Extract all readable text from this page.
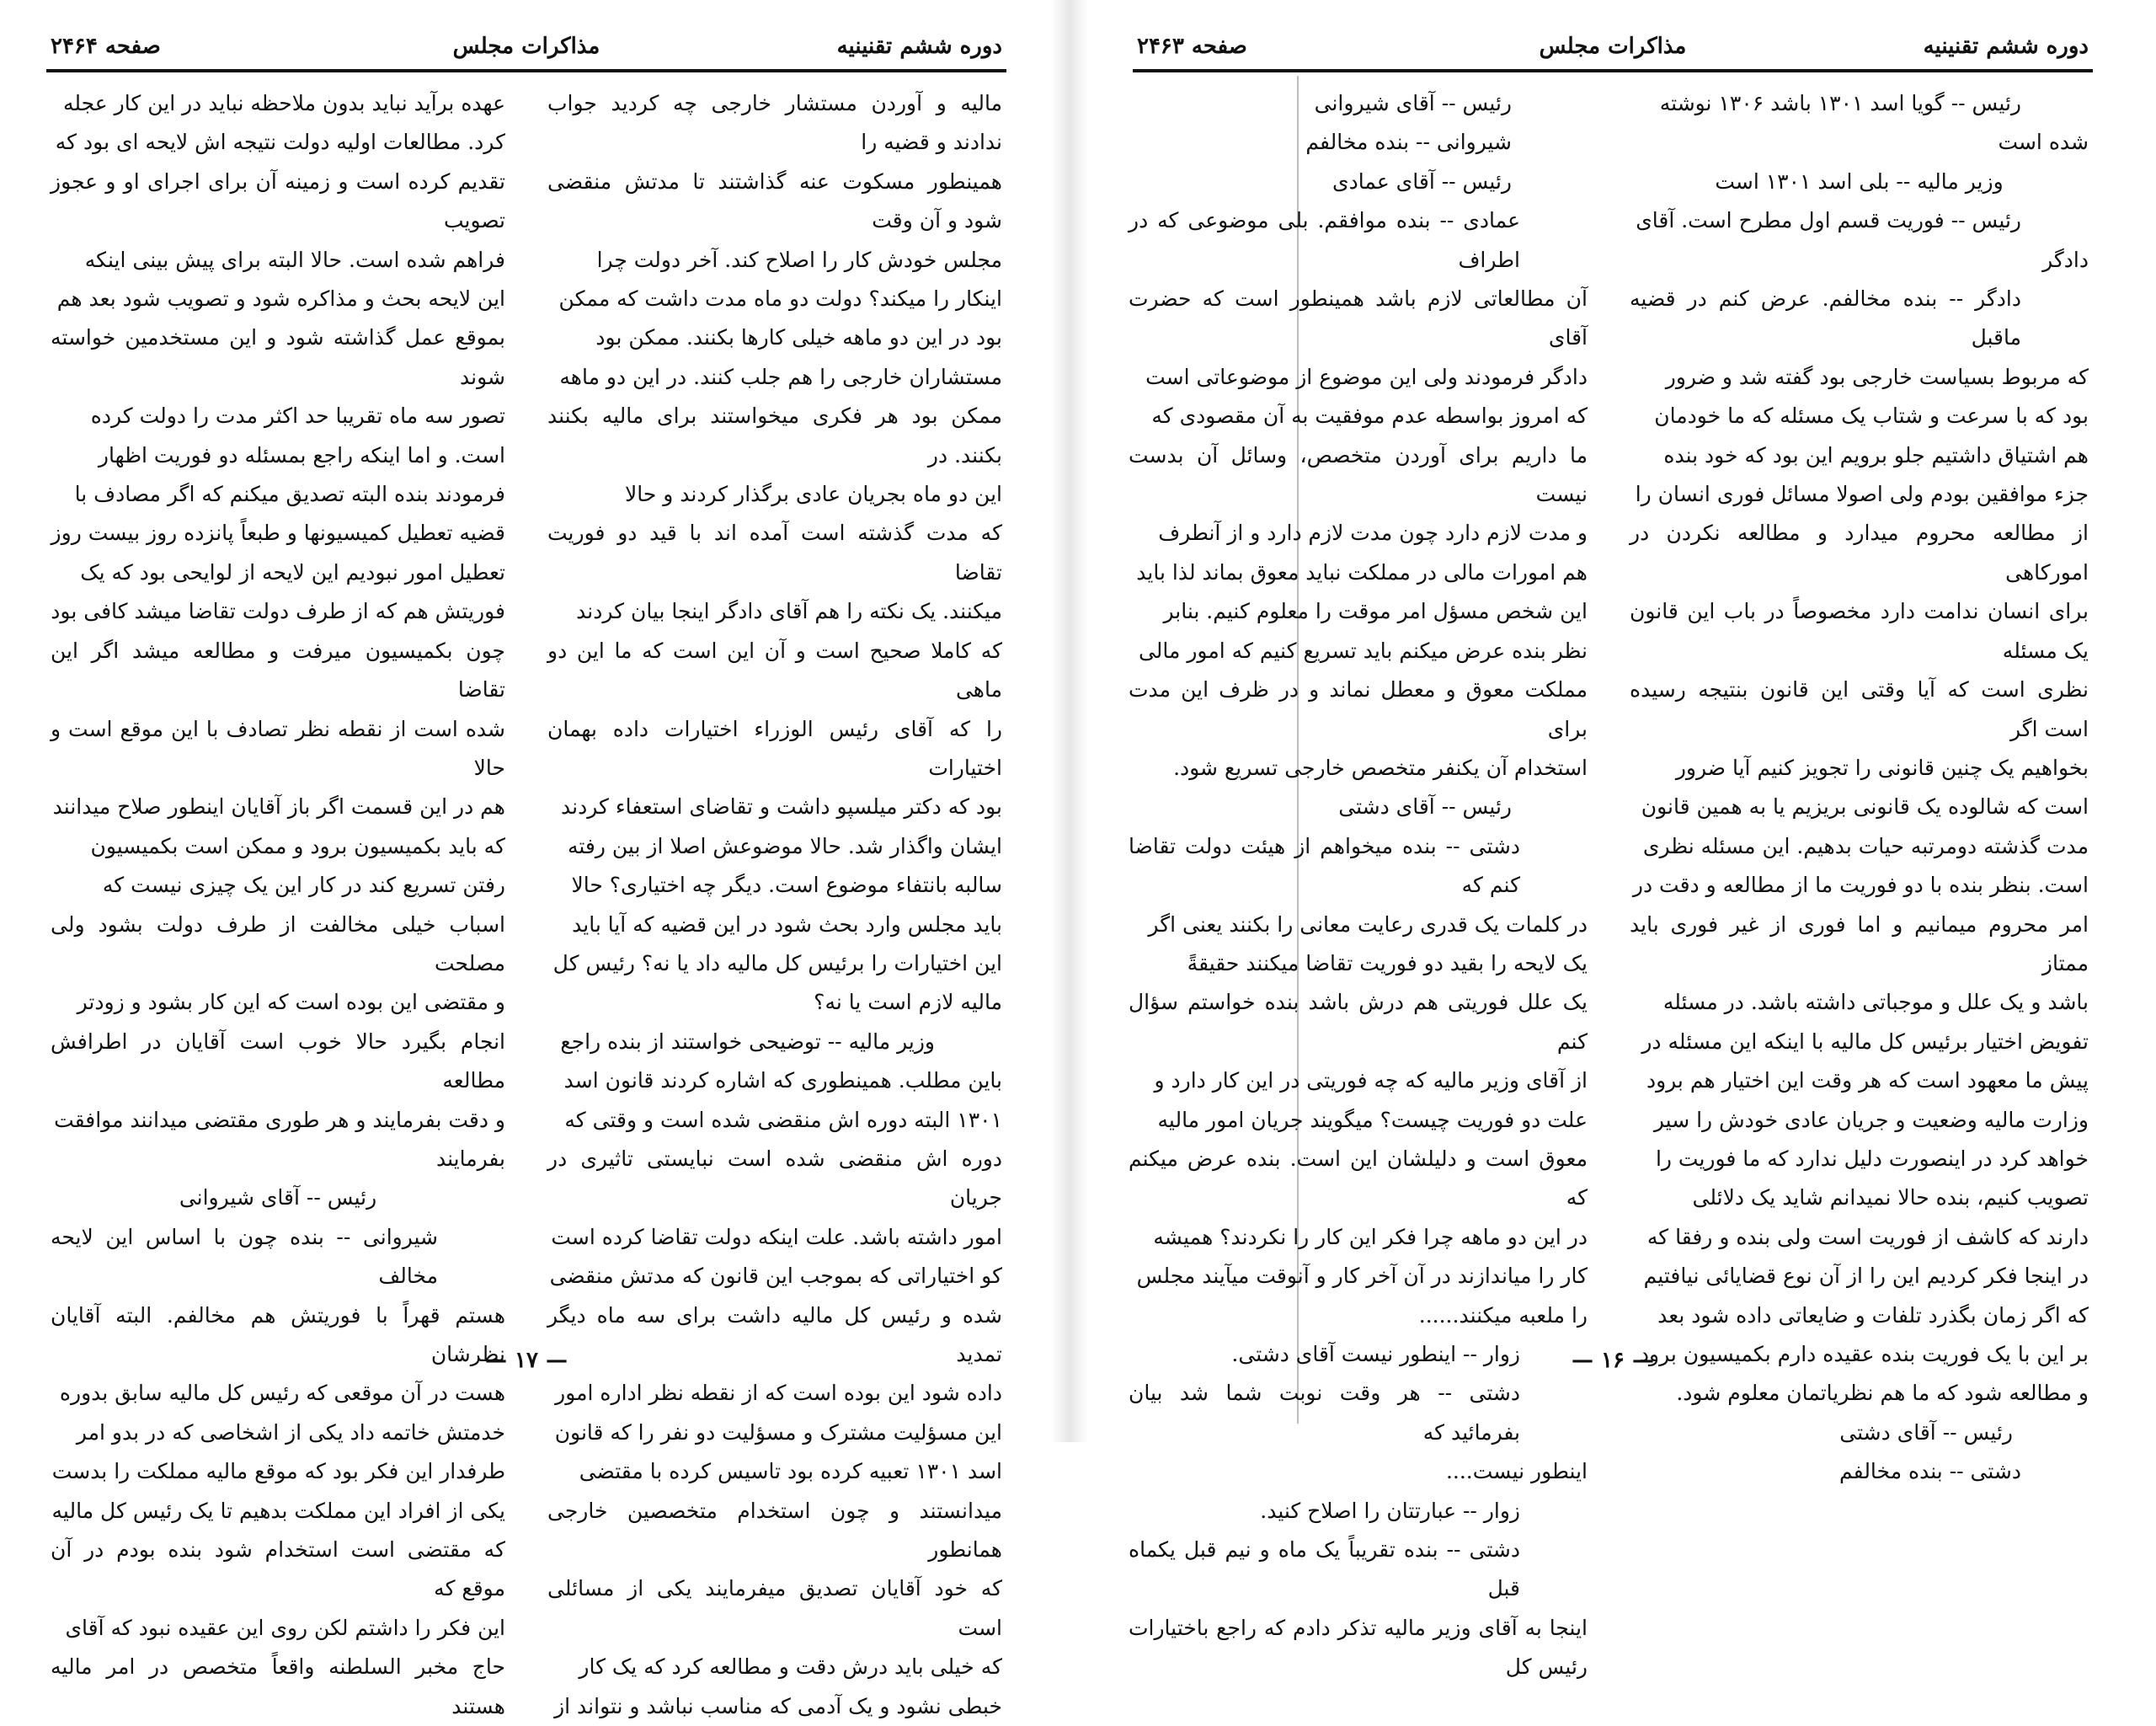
دوره ششم تقنینیه
مذاکرات مجلس
صفحه ۲۴۶۳

رئیس -- گویا اسد ۱۳۰۱ باشد ۱۳۰۶ نوشته

شده است

وزیر مالیه -- بلی اسد ۱۳۰۱ است

رئیس -- فوریت قسم اول مطرح است. آقای

دادگر

دادگر -- بنده مخالفم. عرض کنم در قضیه ماقبل

که مربوط بسیاست خارجی بود گفته شد و ضرور

بود که با سرعت و شتاب یک مسئله که ما خودمان

هم اشتیاق داشتیم جلو برویم این بود که خود بنده

جزء موافقین بودم ولی اصولا مسائل فوری انسان را

از مطالعه محروم میدارد و مطالعه نکردن در امورکاهی

برای انسان ندامت دارد مخصوصاً در باب این قانون یک مسئله

نظری است که آیا وقتی این قانون بنتیجه رسیده است اگر

بخواهیم یک چنین قانونی را تجویز کنیم آیا ضرور

است که شالوده یک قانونی بریزیم یا به همین قانون

مدت گذشته دومرتبه حیات بدهیم. این مسئله نظری

است. بنظر بنده با دو فوریت ما از مطالعه و دقت در

امر محروم میمانیم و اما فوری از غیر فوری باید ممتاز

باشد و یک علل و موجباتی داشته باشد. در مسئله

تفویض اختیار برئیس کل مالیه با اینکه این مسئله در

پیش ما معهود است که هر وقت این اختیار هم برود

وزارت مالیه وضعیت و جریان عادی خودش را سیر

خواهد کرد در اینصورت دلیل ندارد که ما فوریت را

تصویب کنیم، بنده حالا نمیدانم شاید یک دلائلی

دارند که کاشف از فوریت است ولی بنده و رفقا که

در اینجا فکر کردیم این را از آن نوع قضایائی نیافتیم

که اگر زمان بگذرد تلفات و ضایعاتی داده شود بعد

بر این با یک فوریت بنده عقیده دارم بکمیسیون برود

و مطالعه شود که ما هم نظریاتمان معلوم شود.

رئیس -- آقای دشتی

دشتی -- بنده مخالفم

رئیس -- آقای شیروانی

شیروانی -- بنده مخالفم

رئیس -- آقای عمادی

عمادی -- بنده موافقم. بلی موضوعی که در اطراف

آن مطالعاتی لازم باشد همینطور است که حضرت آقای

دادگر فرمودند ولی این موضوع از موضوعاتی است

که امروز بواسطه عدم موفقیت به آن مقصودی که

ما داریم برای آوردن متخصص، وسائل آن بدست نیست

و مدت لازم دارد چون مدت لازم دارد و از آنطرف

هم امورات مالی در مملکت نباید معوق بماند لذا باید

این شخص مسؤل امر موقت را معلوم کنیم. بنابر

نظر بنده عرض میکنم باید تسریع کنیم که امور مالی

مملکت معوق و معطل نماند و در ظرف این مدت برای

استخدام آن یکنفر متخصص خارجی تسریع شود.

رئیس -- آقای دشتی

دشتی -- بنده میخواهم از هیئت دولت تقاضا کنم که

در کلمات یک قدری رعایت معانی را بکنند یعنی اگر

یک لایحه را بقید دو فوریت تقاضا میکنند حقیقةً

یک علل فوریتی هم درش باشد بنده خواستم سؤال کنم

از آقای وزیر مالیه که چه فوریتی در این کار دارد و

علت دو فوریت چیست؟ میگویند جریان امور مالیه

معوق است و دلیلشان این است. بنده عرض میکنم که

در این دو ماهه چرا فکر این کار را نکردند؟ همیشه

کار را میاندازند در آن آخر کار و آنوقت میآیند مجلس

را ملعبه میکنند......

زوار -- اینطور نیست آقای دشتی.

دشتی -- هر وقت نوبت شما شد بیان بفرمائید که

اینطور نیست....

زوار -- عبارتتان را اصلاح کنید.

دشتی -- بنده تقریباً یک ماه و نیم قبل یکماه قبل

اینجا به آقای وزیر مالیه تذکر دادم که راجع باختیارات رئیس کل

— ۱۶ —
دوره ششم تقنینیه
مذاکرات مجلس
صفحه ۲۴۶۴

مالیه و آوردن مستشار خارجی چه کردید جواب ندادند و قضیه را

همینطور مسکوت عنه گذاشتند تا مدتش منقضی شود و آن وقت

مجلس خودش کار را اصلاح کند. آخر دولت چرا

اینکار را میکند؟ دولت دو ماه مدت داشت که ممکن

بود در این دو ماهه خیلی کارها بکنند. ممکن بود

مستشاران خارجی را هم جلب کنند. در این دو ماهه

ممکن بود هر فکری میخواستند برای مالیه بکنند بکنند. در

این دو ماه بجریان عادی برگذار کردند و حالا

که مدت گذشته است آمده اند با قید دو فوریت تقاضا

میکنند. یک نکته را هم آقای دادگر اینجا بیان کردند

که کاملا صحیح است و آن این است که ما این دو ماهی

را که آقای رئیس الوزراء اختیارات داده بهمان اختیارات

بود که دکتر میلسپو داشت و تقاضای استعفاء کردند

ایشان واگذار شد. حالا موضوعش اصلا از بین رفته

سالبه بانتفاء موضوع است. دیگر چه اختیاری؟ حالا

باید مجلس وارد بحث شود در این قضیه که آیا باید

این اختیارات را برئیس کل مالیه داد یا نه؟ رئیس کل

مالیه لازم است یا نه؟

وزیر مالیه -- توضیحی خواستند از بنده راجع

باین مطلب. همینطوری که اشاره کردند قانون اسد

۱۳۰۱ البته دوره اش منقضی شده است و وقتی که

دوره اش منقضی شده است نبایستی تاثیری در جریان

امور داشته باشد. علت اینکه دولت تقاضا کرده است

کو اختیاراتی که بموجب این قانون که مدتش منقضی

شده و رئیس کل مالیه داشت برای سه ماه دیگر تمدید

داده شود این بوده است که از نقطه نظر اداره امور

این مسؤلیت مشترک و مسؤلیت دو نفر را که قانون

اسد ۱۳۰۱ تعبیه کرده بود تاسیس کرده با مقتضی

میدانستند و چون استخدام متخصصین خارجی همانطور

که خود آقایان تصدیق میفرمایند یکی از مسائلی است

که خیلی باید درش دقت و مطالعه کرد که یک کار

خبطی نشود و یک آدمی که مناسب نباشد و نتواند از

عهده برآید نباید بدون ملاحظه نباید در این کار عجله

کرد. مطالعات اولیه دولت نتیجه اش لایحه ای بود که

تقدیم کرده است و زمینه آن برای اجرای او و عجوز تصویب

فراهم شده است. حالا البته برای پیش بینی اینکه

این لایحه بحث و مذاکره شود و تصویب شود بعد هم

بموقع عمل گذاشته شود و این مستخدمین خواسته شوند

تصور سه ماه تقریبا حد اکثر مدت را دولت کرده

است. و اما اینکه راجع بمسئله دو فوریت اظهار

فرمودند بنده البته تصدیق میکنم که اگر مصادف با

قضیه تعطیل کمیسیونها و طبعاً پانزده روز بیست روز

تعطیل امور نبودیم این لایحه از لوایحی بود که یک

فوریتش هم که از طرف دولت تقاضا میشد کافی بود

چون بکمیسیون میرفت و مطالعه میشد اگر این تقاضا

شده است از نقطه نظر تصادف با این موقع است و حالا

هم در این قسمت اگر باز آقایان اینطور صلاح میدانند

که باید بکمیسیون برود و ممکن است بکمیسیون

رفتن تسریع کند در کار این یک چیزی نیست که

اسباب خیلی مخالفت از طرف دولت بشود ولی مصلحت

و مقتضی این بوده است که این کار بشود و زودتر

انجام بگیرد حالا خوب است آقایان در اطرافش مطالعه

و دقت بفرمایند و هر طوری مقتضی میدانند موافقت

بفرمایند

رئیس -- آقای شیروانی

شیروانی -- بنده چون با اساس این لایحه مخالف

هستم قهراً با فوریتش هم مخالفم. البته آقایان نظرشان

هست در آن موقعی که رئیس کل مالیه سابق بدوره

خدمتش خاتمه داد یکی از اشخاصی که در بدو امر

طرفدار این فکر بود که موقع مالیه مملکت را بدست

یکی از افراد این مملکت بدهیم تا یک رئیس کل مالیه

که مقتضی است استخدام شود بنده بودم در آن موقع که

این فکر را داشتم لکن روی این عقیده نبود که آقای

حاج مخبر السلطنه واقعاً متخصص در امر مالیه هستند

— ۱۷ —
